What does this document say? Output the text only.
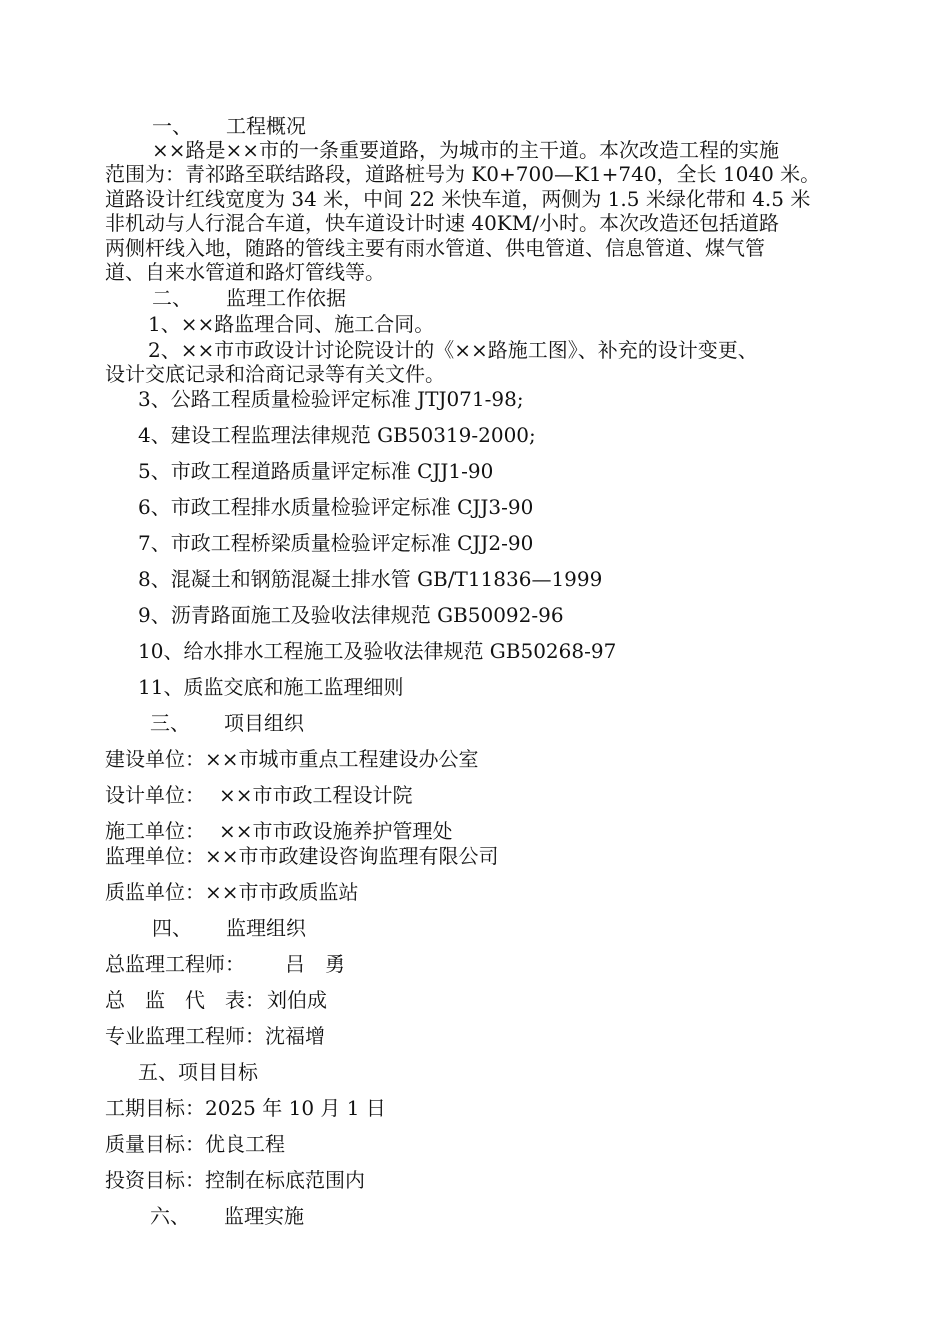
一、 工程概况
××路是××市的一条重要道路，为城市的主干道。本次改造工程的实施
范围为：青祁路至联结路段，道路桩号为 K0+700—K1+740，全长 1040 米。
道路设计红线宽度为 34 米，中间 22 米快车道，两侧为 1.5 米绿化带和 4.5 米
非机动与人行混合车道，快车道设计时速 40KM/小时。本次改造还包括道路
两侧杆线入地，随路的管线主要有雨水管道、供电管道、信息管道、煤气管
道、自来水管道和路灯管线等。
二、 监理工作依据
1、××路监理合同、施工合同。
2、××市市政设计讨论院设计的《××路施工图》、补充的设计变更、
设计交底记录和洽商记录等有关文件。
3、公路工程质量检验评定标准 JTJ071-98;
4、建设工程监理法律规范 GB50319-2000;
5、市政工程道路质量评定标准 CJJ1-90
6、市政工程排水质量检验评定标准 CJJ3-90
7、市政工程桥梁质量检验评定标准 CJJ2-90
8、混凝土和钢筋混凝土排水管 GB/T11836—1999
9、沥青路面施工及验收法律规范 GB50092-96
10、给水排水工程施工及验收法律规范 GB50268-97
11、质监交底和施工监理细则
三、 项目组织
建设单位：××市城市重点工程建设办公室
设计单位： ××市市政工程设计院
施工单位： ××市市政设施养护管理处
监理单位：××市市政建设咨询监理有限公司
质监单位：××市市政质监站
四、 监理组织
总监理工程师： 吕　勇
总　监　代　表： 刘伯成
专业监理工程师：沈福增
五、项目目标
工期目标：2025 年 10 月 1 日
质量目标：优良工程
投资目标：控制在标底范围内
六、 监理实施
